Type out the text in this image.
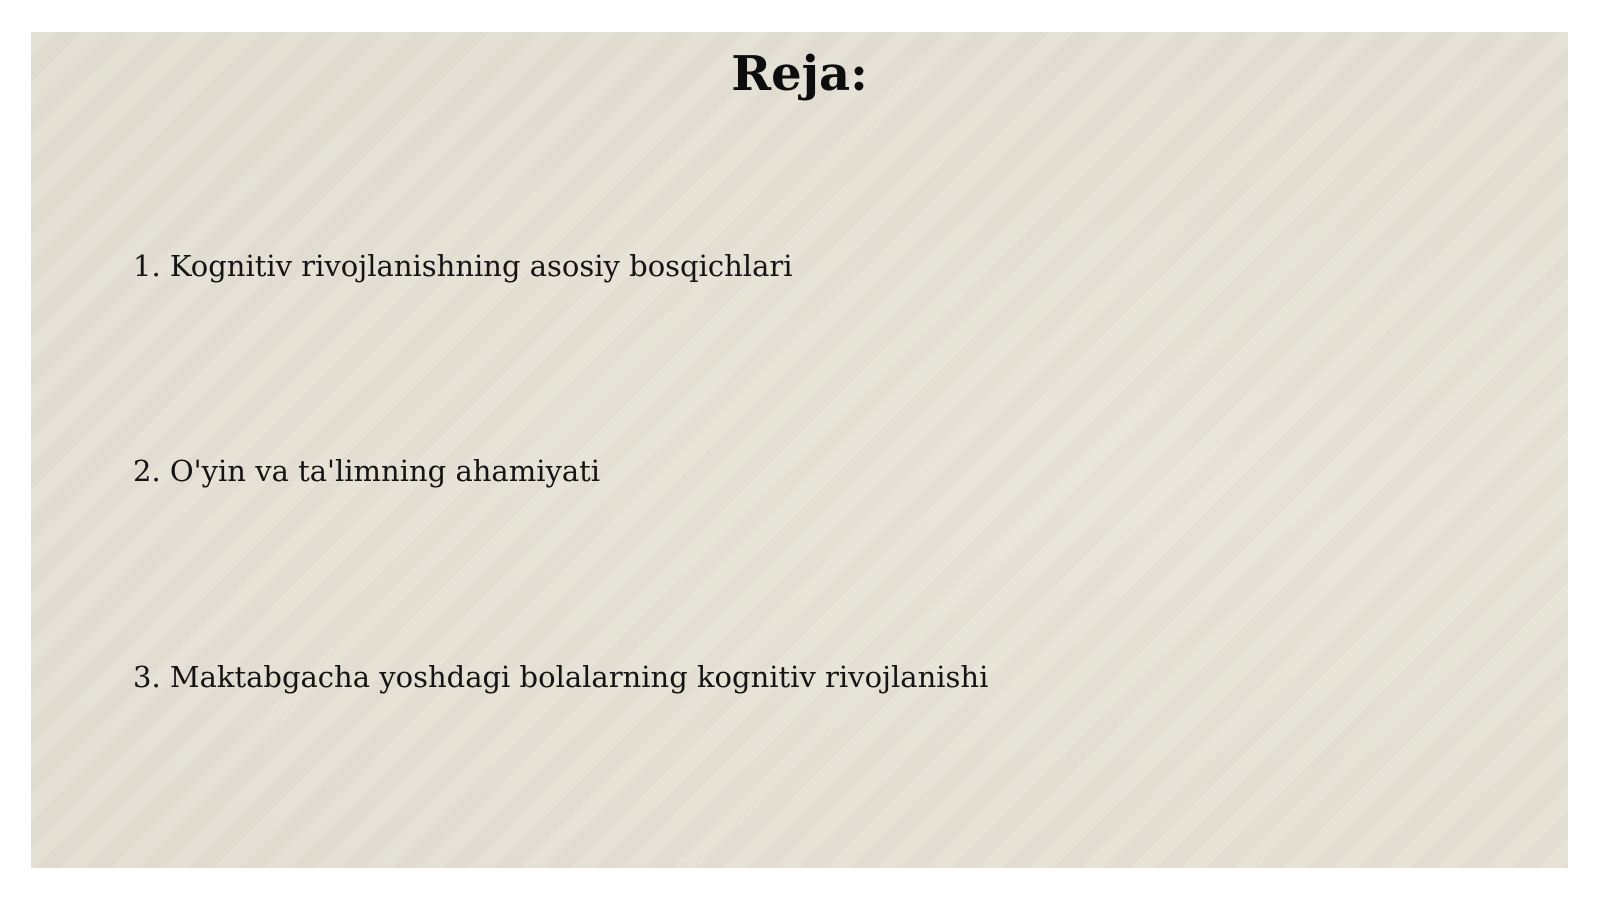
Reja:
1. Kognitiv rivojlanishning asosiy bosqichlari
2. O'yin va ta'limning ahamiyati
3. Maktabgacha yoshdagi bolalarning kognitiv rivojlanishi
